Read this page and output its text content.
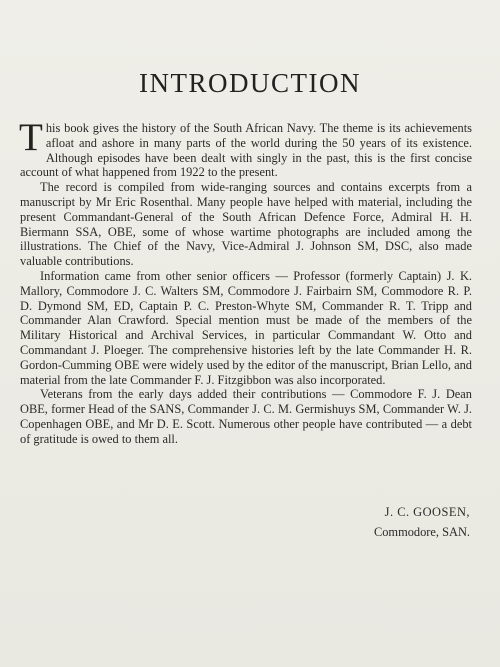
INTRODUCTION

This book gives the history of the South African Navy. The theme is its achievements afloat and ashore in many parts of the world during the 50 years of its existence. Although episodes have been dealt with singly in the past, this is the first concise account of what happened from 1922 to the present.

The record is compiled from wide-ranging sources and contains excerpts from a manuscript by Mr Eric Rosenthal. Many people have helped with material, including the present Commandant-General of the South African Defence Force, Admiral H. H. Biermann SSA, OBE, some of whose wartime photographs are included among the illustrations. The Chief of the Navy, Vice-Admiral J. Johnson SM, DSC, also made valuable contributions.

Information came from other senior officers — Professor (formerly Captain) J. K. Mallory, Commodore J. C. Walters SM, Commodore J. Fairbairn SM, Commodore R. P. D. Dymond SM, ED, Captain P. C. Preston-Whyte SM, Commander R. T. Tripp and Commander Alan Crawford. Special mention must be made of the members of the Military Historical and Archival Services, in particular Commandant W. Otto and Commandant J. Ploeger. The comprehensive histories left by the late Commander H. R. Gordon-Cumming OBE were widely used by the editor of the manuscript, Brian Lello, and material from the late Commander F. J. Fitzgibbon was also incorporated.

Veterans from the early days added their contributions — Commodore F. J. Dean OBE, former Head of the SANS, Commander J. C. M. Germishuys SM, Commander W. J. Copenhagen OBE, and Mr D. E. Scott. Numerous other people have contributed — a debt of gratitude is owed to them all.

J. C. GOOSEN,

Commodore, SAN.
